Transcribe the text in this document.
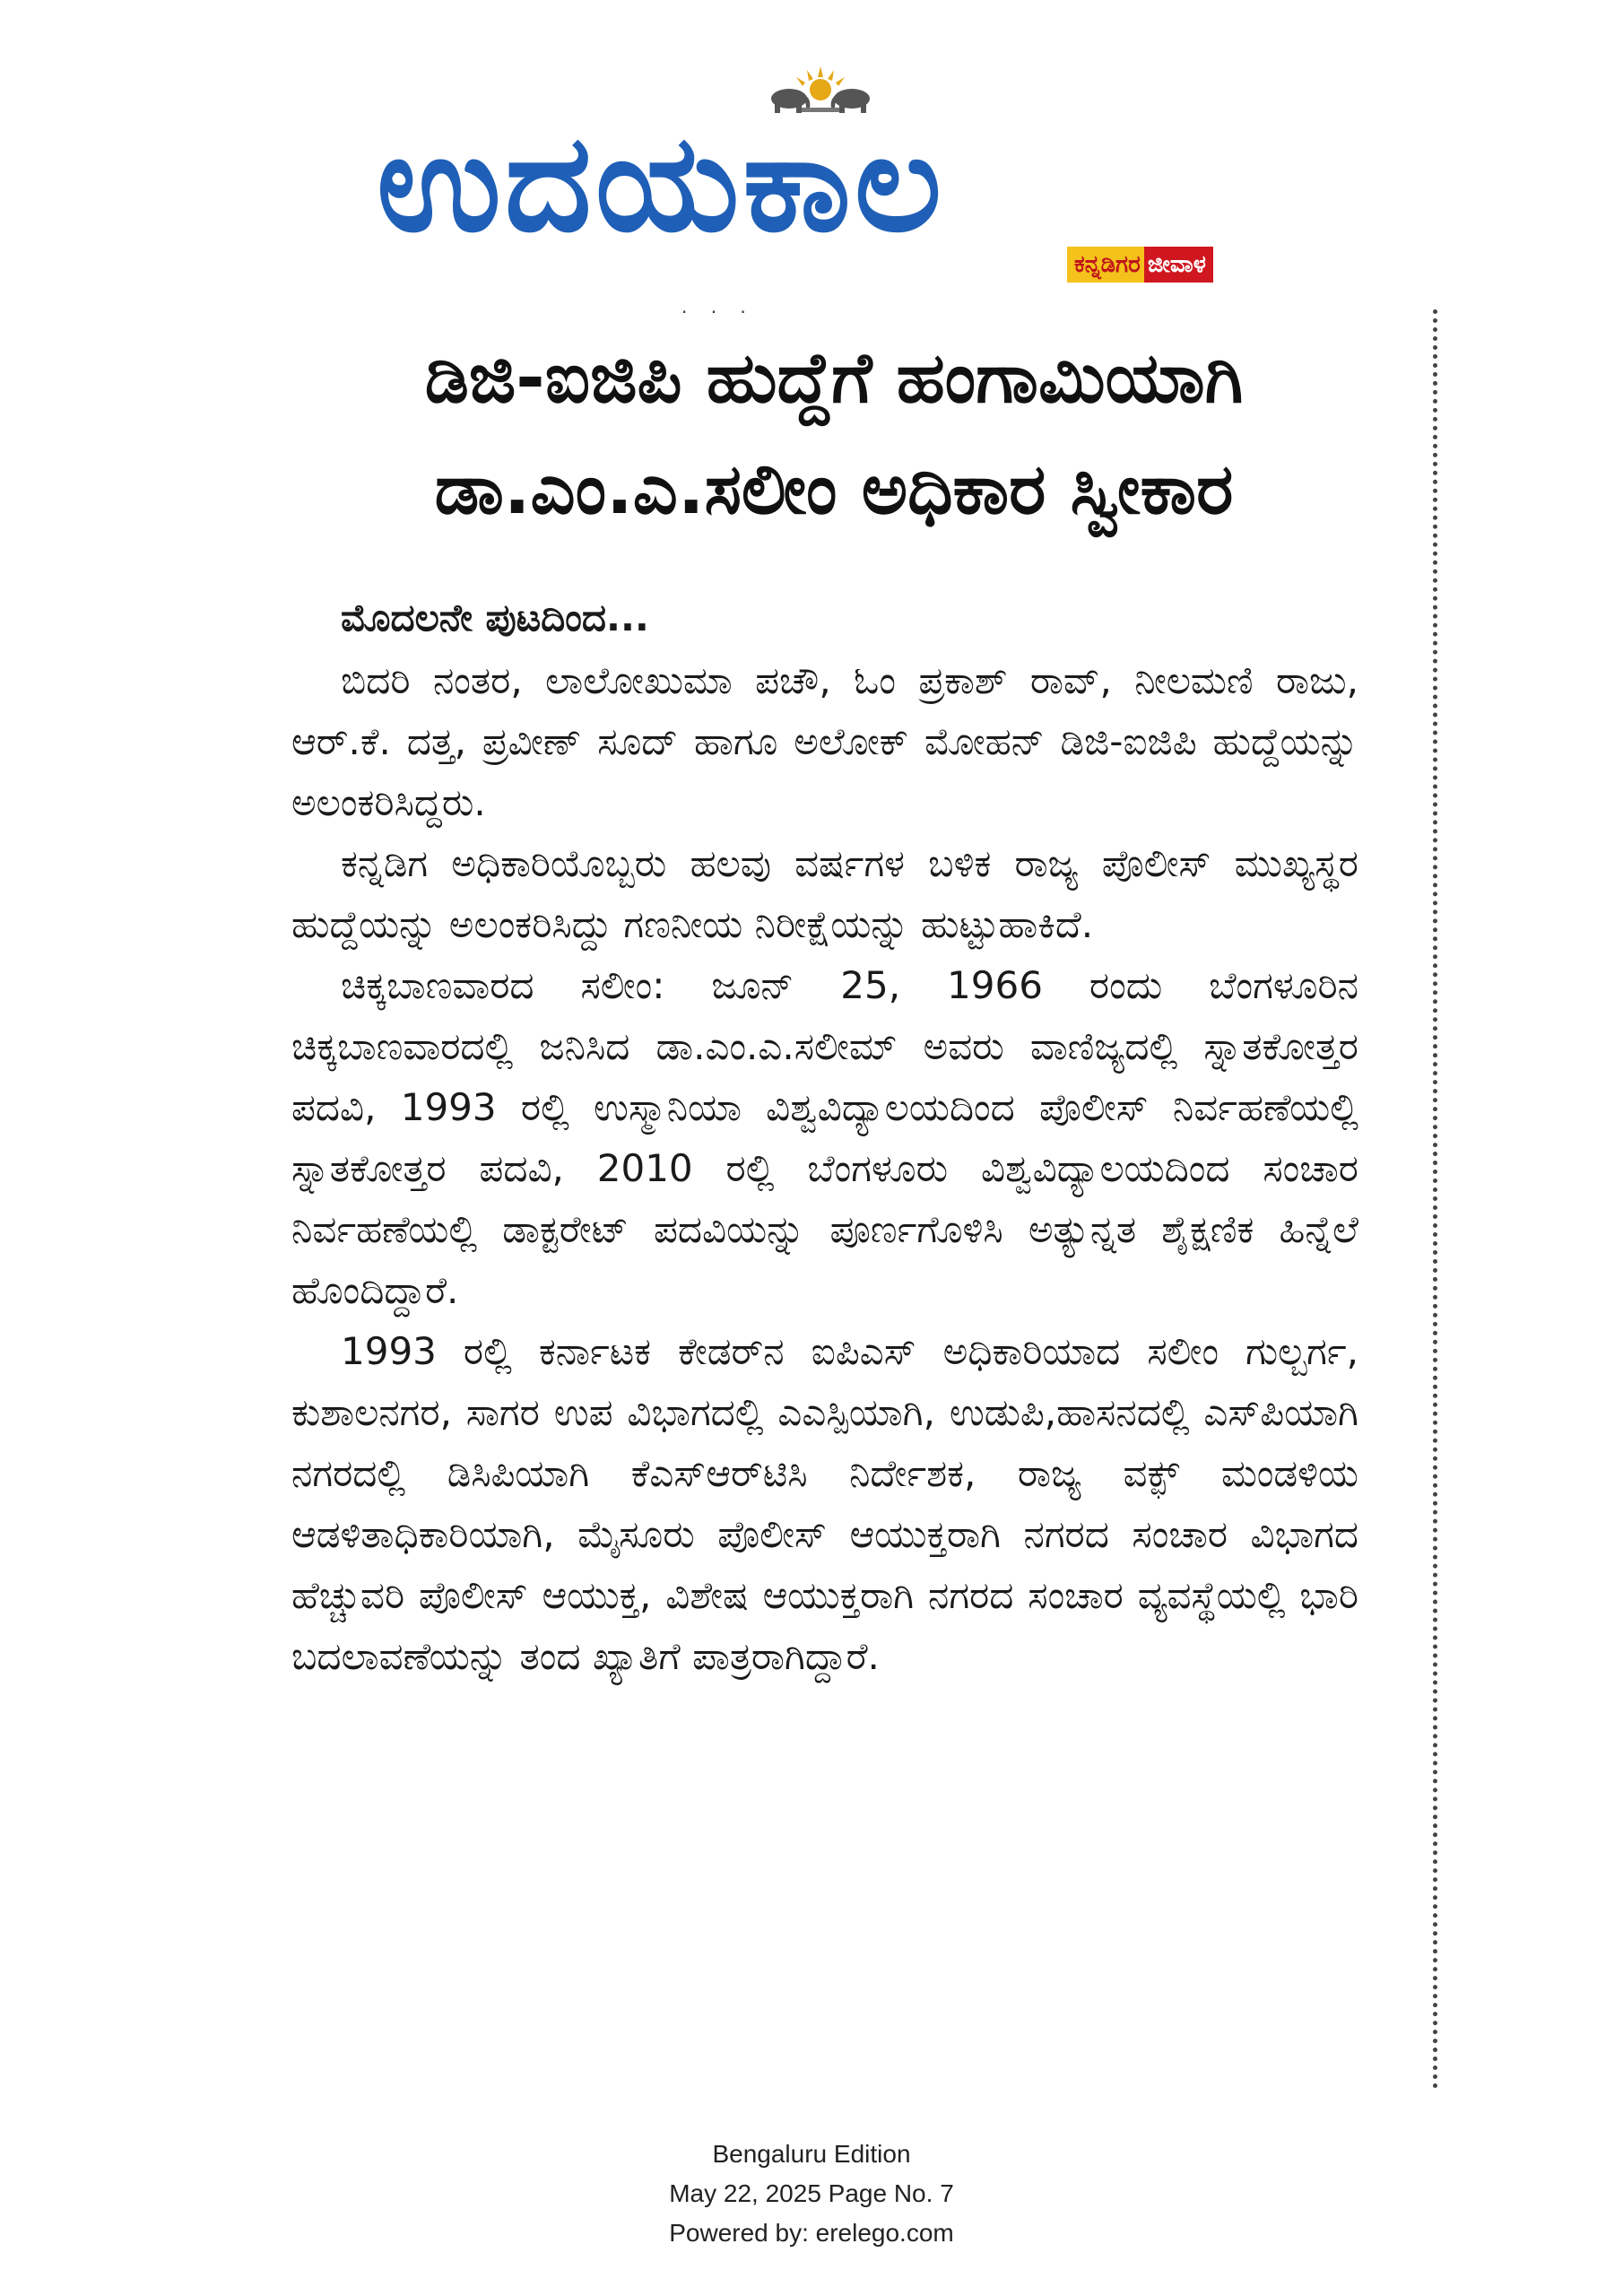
ಉದಯಕಾಲ
ಕನ್ನಡಿಗರ ಜೀವಾಳ
· · ·
ಡಿಜಿ-ಐಜಿಪಿ ಹುದ್ದೆಗೆ ಹಂಗಾಮಿಯಾಗಿ
ಡಾ.ಎಂ.ಎ.ಸಲೀಂ ಅಧಿಕಾರ ಸ್ವೀಕಾರ
ಮೊದಲನೇ ಪುಟದಿಂದ...

ಬಿದರಿ ನಂತರ, ಲಾಲೋಖುಮಾ ಪಚೌ, ಓಂ ಪ್ರಕಾಶ್ ರಾವ್, ನೀಲಮಣಿ ರಾಜು, ಆರ್.ಕೆ. ದತ್ತ, ಪ್ರವೀಣ್ ಸೂದ್ ಹಾಗೂ ಅಲೋಕ್ ಮೋಹನ್ ಡಿಜಿ-ಐಜಿಪಿ ಹುದ್ದೆಯನ್ನು ಅಲಂಕರಿಸಿದ್ದರು.

ಕನ್ನಡಿಗ ಅಧಿಕಾರಿಯೊಬ್ಬರು ಹಲವು ವರ್ಷಗಳ ಬಳಿಕ ರಾಜ್ಯ ಪೊಲೀಸ್ ಮುಖ್ಯಸ್ಥರ ಹುದ್ದೆಯನ್ನು ಅಲಂಕರಿಸಿದ್ದು ಗಣನೀಯ ನಿರೀಕ್ಷೆಯನ್ನು ಹುಟ್ಟುಹಾಕಿದೆ.

ಚಿಕ್ಕಬಾಣವಾರದ ಸಲೀಂ: ಜೂನ್ 25, 1966 ರಂದು ಬೆಂಗಳೂರಿನ ಚಿಕ್ಕಬಾಣವಾರದಲ್ಲಿ ಜನಿಸಿದ ಡಾ.ಎಂ.ಎ.ಸಲೀಮ್ ಅವರು ವಾಣಿಜ್ಯದಲ್ಲಿ ಸ್ನಾತಕೋತ್ತರ ಪದವಿ, 1993 ರಲ್ಲಿ ಉಸ್ಮಾನಿಯಾ ವಿಶ್ವವಿದ್ಯಾಲಯದಿಂದ ಪೊಲೀಸ್ ನಿರ್ವಹಣೆಯಲ್ಲಿ ಸ್ನಾತಕೋತ್ತರ ಪದವಿ, 2010 ರಲ್ಲಿ ಬೆಂಗಳೂರು ವಿಶ್ವವಿದ್ಯಾಲಯದಿಂದ ಸಂಚಾರ ನಿರ್ವಹಣೆಯಲ್ಲಿ ಡಾಕ್ಟರೇಟ್ ಪದವಿಯನ್ನು ಪೂರ್ಣಗೊಳಿಸಿ ಅತ್ಯುನ್ನತ ಶೈಕ್ಷಣಿಕ ಹಿನ್ನೆಲೆ ಹೊಂದಿದ್ದಾರೆ.

1993 ರಲ್ಲಿ ಕರ್ನಾಟಕ ಕೇಡರ್‌ನ ಐಪಿಎಸ್ ಅಧಿಕಾರಿಯಾದ ಸಲೀಂ ಗುಲ್ಬರ್ಗ, ಕುಶಾಲನಗರ, ಸಾಗರ ಉಪ ವಿಭಾಗದಲ್ಲಿ ಎಎಸ್ಪಿಯಾಗಿ, ಉಡುಪಿ,ಹಾಸನದಲ್ಲಿ ಎಸ್‌ಪಿಯಾಗಿ ನಗರದಲ್ಲಿ ಡಿಸಿಪಿಯಾಗಿ ಕೆಎಸ್‌ಆರ್‌ಟಿಸಿ ನಿರ್ದೇಶಕ, ರಾಜ್ಯ ವಕ್ಫ್ ಮಂಡಳಿಯ ಆಡಳಿತಾಧಿಕಾರಿಯಾಗಿ, ಮೈಸೂರು ಪೊಲೀಸ್ ಆಯುಕ್ತರಾಗಿ ನಗರದ ಸಂಚಾರ ವಿಭಾಗದ ಹೆಚ್ಚುವರಿ ಪೊಲೀಸ್ ಆಯುಕ್ತ, ವಿಶೇಷ ಆಯುಕ್ತರಾಗಿ ನಗರದ ಸಂಚಾರ ವ್ಯವಸ್ಥೆಯಲ್ಲಿ ಭಾರಿ ಬದಲಾವಣೆಯನ್ನು ತಂದ ಖ್ಯಾತಿಗೆ ಪಾತ್ರರಾಗಿದ್ದಾರೆ.

Bengaluru Edition
May 22, 2025 Page No. 7
Powered by: erelego.com
